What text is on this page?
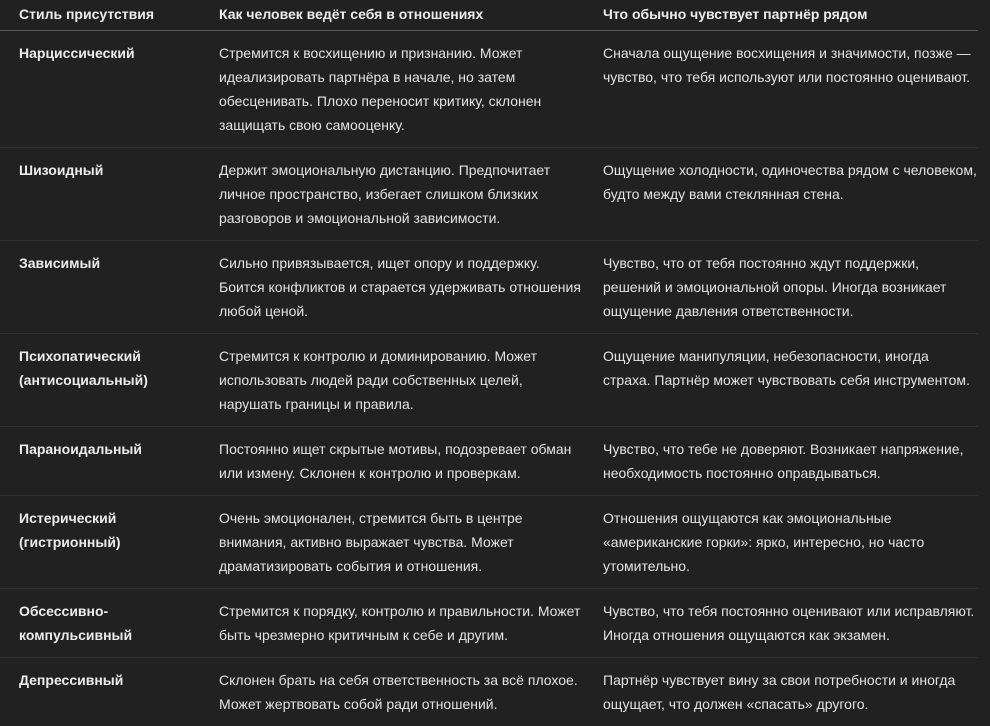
Стиль присутствия	Как человек ведёт себя в отношениях	Что обычно чувствует партнёр рядом

Нарциссический	Стремится к восхищению и признанию. Может идеализировать партнёра в начале, но затем обесценивать. Плохо переносит критику, склонен защищать свою самооценку.	Сначала ощущение восхищения и значимости, позже — чувство, что тебя используют или постоянно оценивают.

Шизоидный	Держит эмоциональную дистанцию. Предпочитает личное пространство, избегает слишком близких разговоров и эмоциональной зависимости.	Ощущение холодности, одиночества рядом с человеком, будто между вами стеклянная стена.

Зависимый	Сильно привязывается, ищет опору и поддержку. Боится конфликтов и старается удерживать отношения любой ценой.	Чувство, что от тебя постоянно ждут поддержки, решений и эмоциональной опоры. Иногда возникает ощущение давления ответственности.

Психопатический (антисоциальный)	Стремится к контролю и доминированию. Может использовать людей ради собственных целей, нарушать границы и правила.	Ощущение манипуляции, небезопасности, иногда страха. Партнёр может чувствовать себя инструментом.

Параноидальный	Постоянно ищет скрытые мотивы, подозревает обман или измену. Склонен к контролю и проверкам.	Чувство, что тебе не доверяют. Возникает напряжение, необходимость постоянно оправдываться.

Истерический (гистрионный)	Очень эмоционален, стремится быть в центре внимания, активно выражает чувства. Может драматизировать события и отношения.	Отношения ощущаются как эмоциональные «американские горки»: ярко, интересно, но часто утомительно.

Обсессивно-компульсивный	Стремится к порядку, контролю и правильности. Может быть чрезмерно критичным к себе и другим.	Чувство, что тебя постоянно оценивают или исправляют. Иногда отношения ощущаются как экзамен.

Депрессивный	Склонен брать на себя ответственность за всё плохое. Может жертвовать собой ради отношений.	Партнёр чувствует вину за свои потребности и иногда ощущает, что должен «спасать» другого.
